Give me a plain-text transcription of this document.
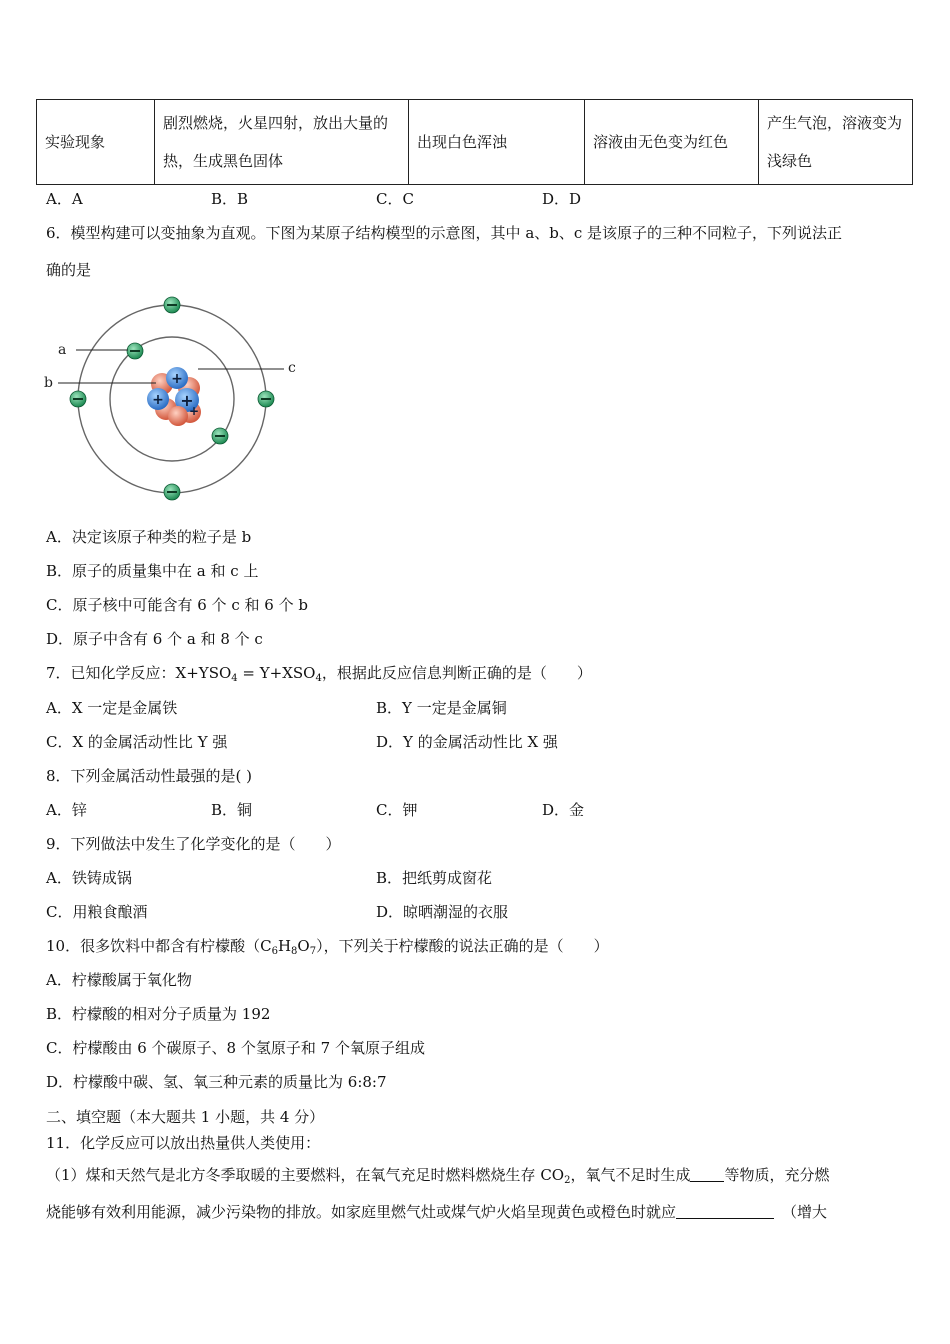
实验现象	剧烈燃烧，火星四射，放出大量的热，生成黑色固体	出现白色浑浊	溶液由无色变为红色	产生气泡，溶液变为浅绿色
A．A	B．B	C．C	D．D
6．模型构建可以变抽象为直观。下图为某原子结构模型的示意图，其中 a、b、c 是该原子的三种不同粒子，下列说法正
确的是
+
+ +
+
a
b
c
A．决定该原子种类的粒子是 b
B．原子的质量集中在 a 和 c 上
C．原子核中可能含有 6 个 c 和 6 个 b
D．原子中含有 6 个 a 和 8 个 c
7．已知化学反应：$X+YSO_4 = Y+XSO_4$，根据此反应信息判断正确的是（　　）
A．X 一定是金属铁	B．Y 一定是金属铜
C．X 的金属活动性比 Y 强	D．Y 的金属活动性比 X 强
8．下列金属活动性最强的是( )
A．锌	B．铜	C．钾	D．金
9．下列做法中发生了化学变化的是（　　）
A．铁铸成锅	B．把纸剪成窗花
C．用粮食酿酒	D．晾晒潮湿的衣服
10．很多饮料中都含有柠檬酸$(C_6H_8O_7)$，下列关于柠檬酸的说法正确的是（　　）
A．柠檬酸属于氧化物
B．柠檬酸的相对分子质量为 192
C．柠檬酸由 6 个碳原子、8 个氢原子和 7 个氧原子组成
D．柠檬酸中碳、氢、氧三种元素的质量比为 6:8:7
二、填空题（本大题共 1 小题，共 4 分）
11．化学反应可以放出热量供人类使用：
（1）煤和天然气是北方冬季取暖的主要燃料，在氧气充足时燃料燃烧生存 $CO_2$，氧气不足时生成 等物质，充分燃
烧能够有效利用能源，减少污染物的排放。如家庭里燃气灶或煤气炉火焰呈现黄色或橙色时就应	（增大
